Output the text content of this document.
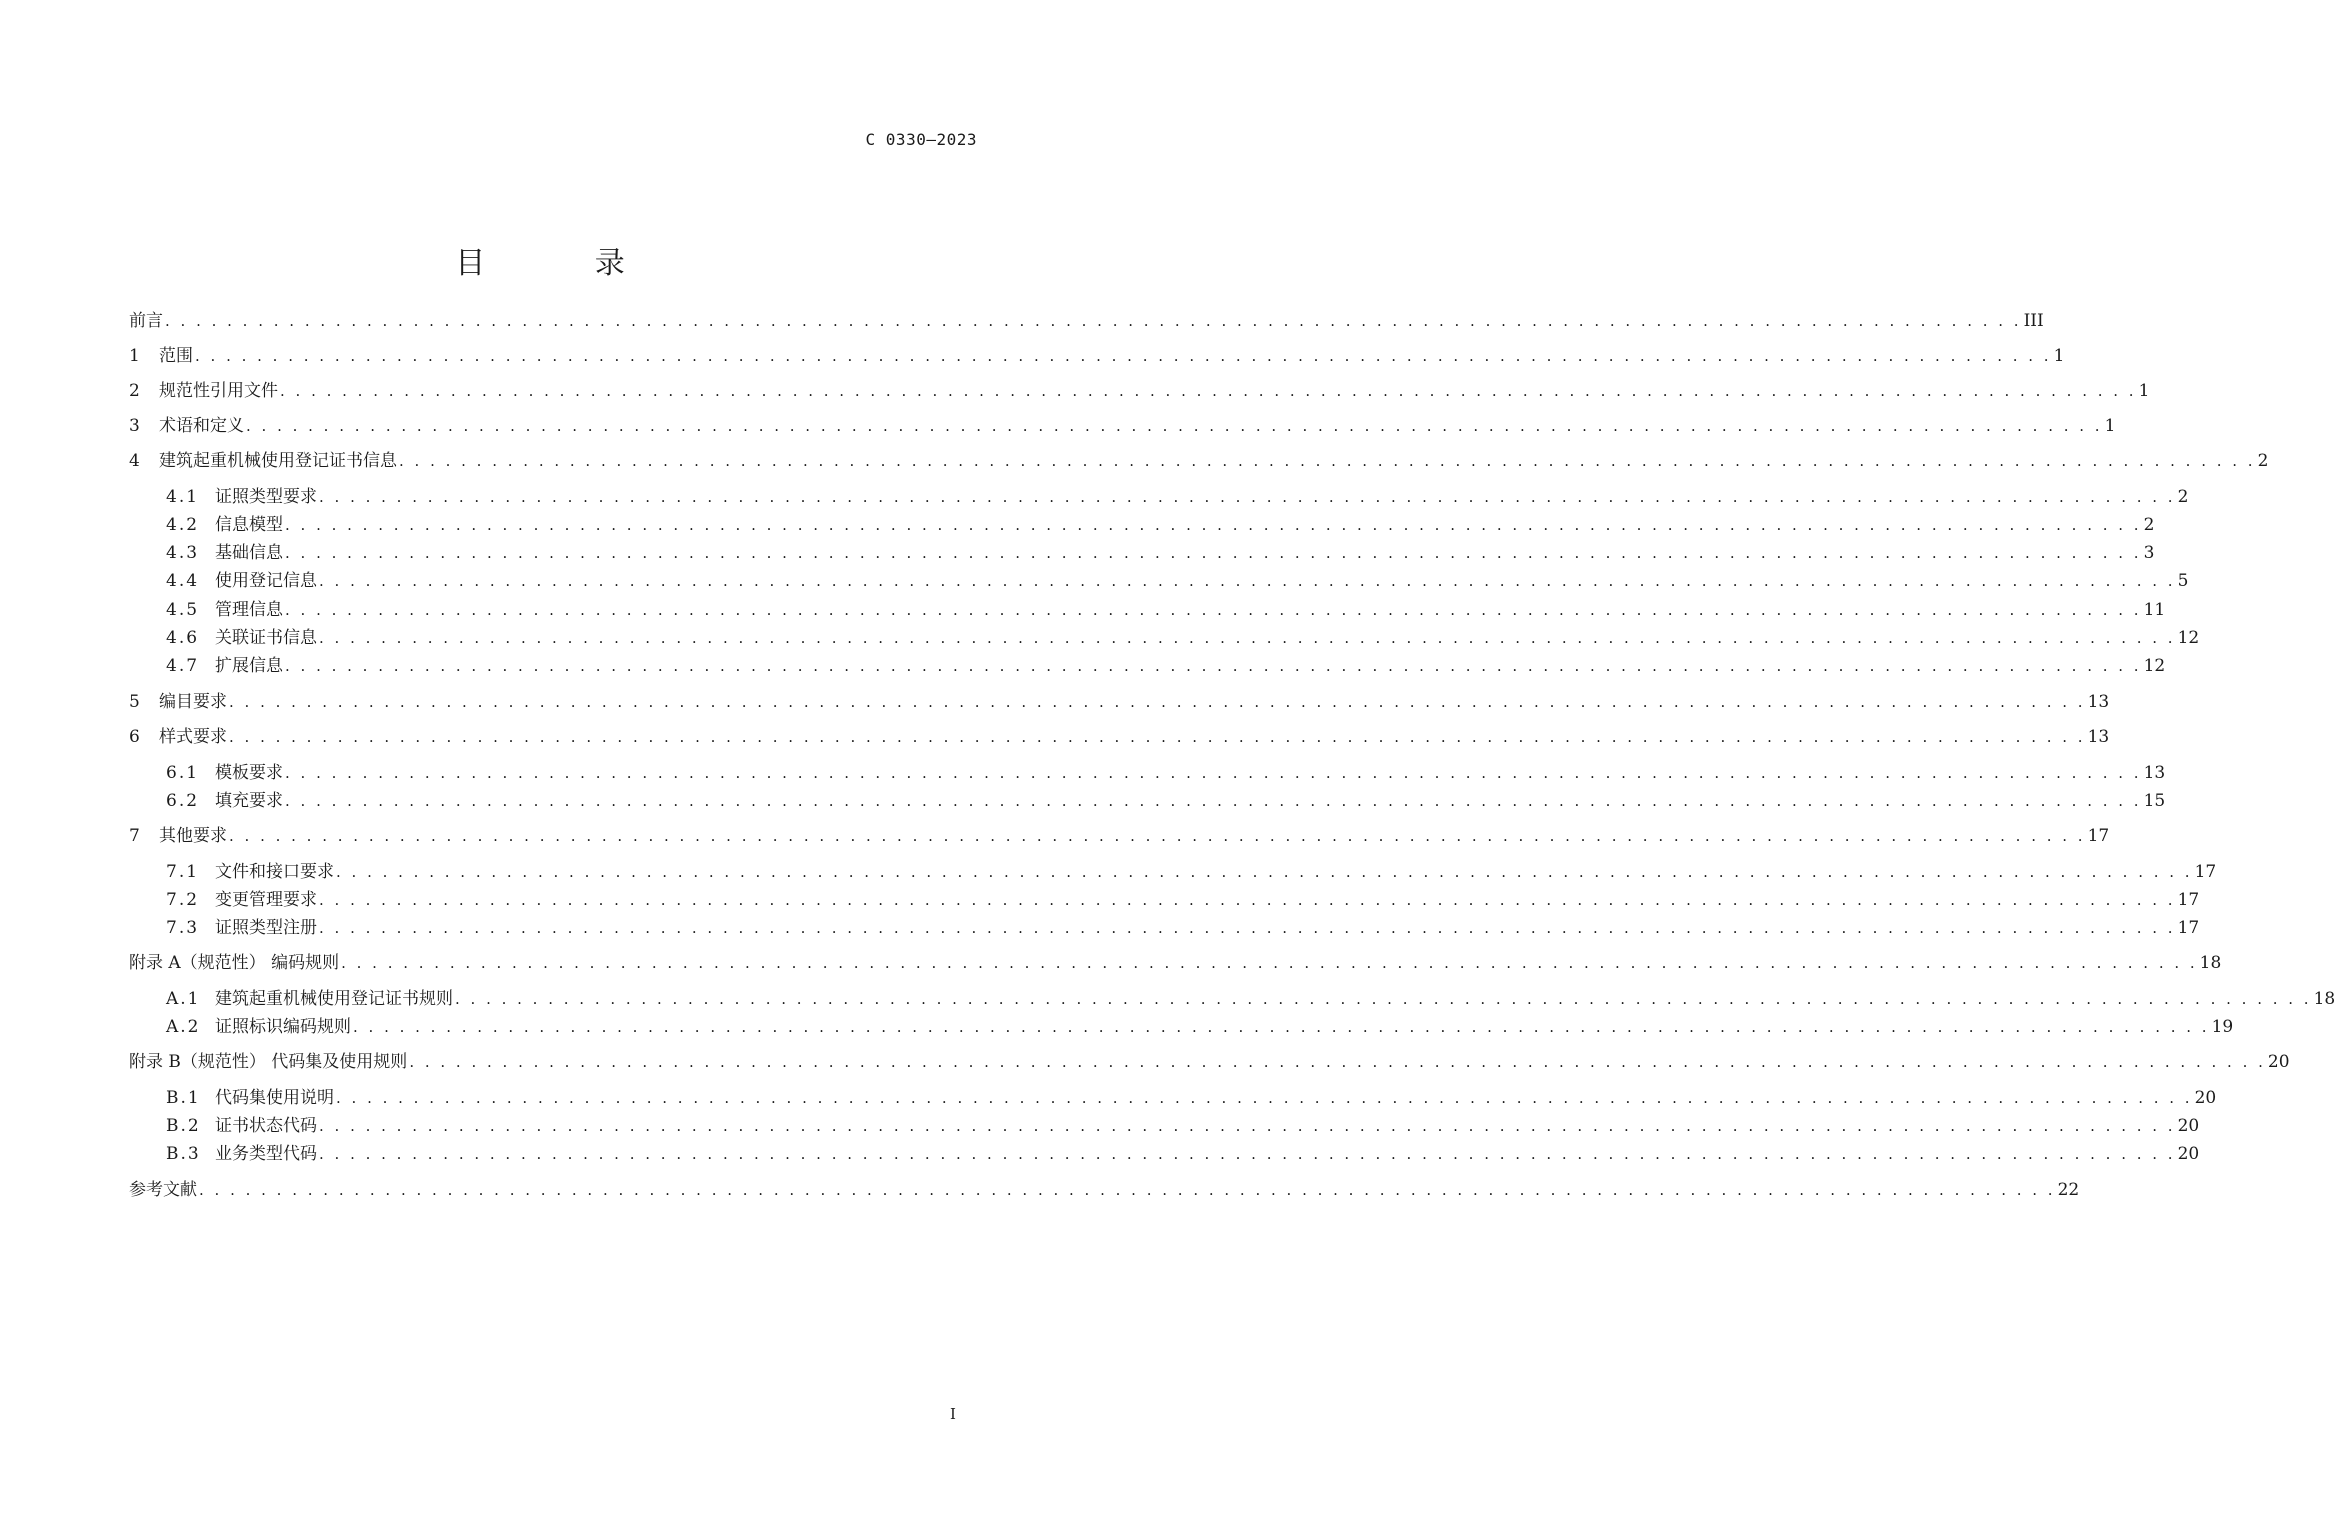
C 0330—2023
目 录
前言 . . . . . . . . . . . . . . . . . . . . . . . . . . . . . . . . . . . . . . . . . . . . . . . . . . . . . . . . . . . . . . . . . . . . . . . . . . . . . . . . . . . . . . . . . . . . . . . . . . . . . . . . . . . . . . . . . . . . . . . . III
1	范围 . . . . . . . . . . . . . . . . . . . . . . . . . . . . . . . . . . . . . . . . . . . . . . . . . . . . . . . . . . . . . . . . . . . . . . . . . . . . . . . . . . . . . . . . . . . . . . . . . . . . . . . . . . . . . . . . . . . . . . . . 1
2	规范性引用文件 . . . . . . . . . . . . . . . . . . . . . . . . . . . . . . . . . . . . . . . . . . . . . . . . . . . . . . . . . . . . . . . . . . . . . . . . . . . . . . . . . . . . . . . . . . . . . . . . . . . . . . . . . . . . . . . . . . . . . . . . 1
3	术语和定义 . . . . . . . . . . . . . . . . . . . . . . . . . . . . . . . . . . . . . . . . . . . . . . . . . . . . . . . . . . . . . . . . . . . . . . . . . . . . . . . . . . . . . . . . . . . . . . . . . . . . . . . . . . . . . . . . . . . . . . . . 1
4	建筑起重机械使用登记证书信息 . . . . . . . . . . . . . . . . . . . . . . . . . . . . . . . . . . . . . . . . . . . . . . . . . . . . . . . . . . . . . . . . . . . . . . . . . . . . . . . . . . . . . . . . . . . . . . . . . . . . . . . . . . . . . . . . . . . . . . . . 2
4.1 证照类型要求 . . . . . . . . . . . . . . . . . . . . . . . . . . . . . . . . . . . . . . . . . . . . . . . . . . . . . . . . . . . . . . . . . . . . . . . . . . . . . . . . . . . . . . . . . . . . . . . . . . . . . . . . . . . . . . . . . . . . . . . . 2
4.2 信息模型 . . . . . . . . . . . . . . . . . . . . . . . . . . . . . . . . . . . . . . . . . . . . . . . . . . . . . . . . . . . . . . . . . . . . . . . . . . . . . . . . . . . . . . . . . . . . . . . . . . . . . . . . . . . . . . . . . . . . . . . . 2
4.3 基础信息 . . . . . . . . . . . . . . . . . . . . . . . . . . . . . . . . . . . . . . . . . . . . . . . . . . . . . . . . . . . . . . . . . . . . . . . . . . . . . . . . . . . . . . . . . . . . . . . . . . . . . . . . . . . . . . . . . . . . . . . . 3
4.4 使用登记信息 . . . . . . . . . . . . . . . . . . . . . . . . . . . . . . . . . . . . . . . . . . . . . . . . . . . . . . . . . . . . . . . . . . . . . . . . . . . . . . . . . . . . . . . . . . . . . . . . . . . . . . . . . . . . . . . . . . . . . . . . 5
4.5 管理信息 . . . . . . . . . . . . . . . . . . . . . . . . . . . . . . . . . . . . . . . . . . . . . . . . . . . . . . . . . . . . . . . . . . . . . . . . . . . . . . . . . . . . . . . . . . . . . . . . . . . . . . . . . . . . . . . . . . . . . . . . 11
4.6 关联证书信息 . . . . . . . . . . . . . . . . . . . . . . . . . . . . . . . . . . . . . . . . . . . . . . . . . . . . . . . . . . . . . . . . . . . . . . . . . . . . . . . . . . . . . . . . . . . . . . . . . . . . . . . . . . . . . . . . . . . . . . . . 12
4.7 扩展信息 . . . . . . . . . . . . . . . . . . . . . . . . . . . . . . . . . . . . . . . . . . . . . . . . . . . . . . . . . . . . . . . . . . . . . . . . . . . . . . . . . . . . . . . . . . . . . . . . . . . . . . . . . . . . . . . . . . . . . . . . 12
5	编目要求 . . . . . . . . . . . . . . . . . . . . . . . . . . . . . . . . . . . . . . . . . . . . . . . . . . . . . . . . . . . . . . . . . . . . . . . . . . . . . . . . . . . . . . . . . . . . . . . . . . . . . . . . . . . . . . . . . . . . . . . . 13
6	样式要求 . . . . . . . . . . . . . . . . . . . . . . . . . . . . . . . . . . . . . . . . . . . . . . . . . . . . . . . . . . . . . . . . . . . . . . . . . . . . . . . . . . . . . . . . . . . . . . . . . . . . . . . . . . . . . . . . . . . . . . . . 13
6.1 模板要求 . . . . . . . . . . . . . . . . . . . . . . . . . . . . . . . . . . . . . . . . . . . . . . . . . . . . . . . . . . . . . . . . . . . . . . . . . . . . . . . . . . . . . . . . . . . . . . . . . . . . . . . . . . . . . . . . . . . . . . . . 13
6.2 填充要求 . . . . . . . . . . . . . . . . . . . . . . . . . . . . . . . . . . . . . . . . . . . . . . . . . . . . . . . . . . . . . . . . . . . . . . . . . . . . . . . . . . . . . . . . . . . . . . . . . . . . . . . . . . . . . . . . . . . . . . . . 15
7	其他要求 . . . . . . . . . . . . . . . . . . . . . . . . . . . . . . . . . . . . . . . . . . . . . . . . . . . . . . . . . . . . . . . . . . . . . . . . . . . . . . . . . . . . . . . . . . . . . . . . . . . . . . . . . . . . . . . . . . . . . . . . 17
7.1 文件和接口要求 . . . . . . . . . . . . . . . . . . . . . . . . . . . . . . . . . . . . . . . . . . . . . . . . . . . . . . . . . . . . . . . . . . . . . . . . . . . . . . . . . . . . . . . . . . . . . . . . . . . . . . . . . . . . . . . . . . . . . . . . 17
7.2 变更管理要求 . . . . . . . . . . . . . . . . . . . . . . . . . . . . . . . . . . . . . . . . . . . . . . . . . . . . . . . . . . . . . . . . . . . . . . . . . . . . . . . . . . . . . . . . . . . . . . . . . . . . . . . . . . . . . . . . . . . . . . . . 17
7.3 证照类型注册 . . . . . . . . . . . . . . . . . . . . . . . . . . . . . . . . . . . . . . . . . . . . . . . . . . . . . . . . . . . . . . . . . . . . . . . . . . . . . . . . . . . . . . . . . . . . . . . . . . . . . . . . . . . . . . . . . . . . . . . . 17
附录 A（规范性） 编码规则 . . . . . . . . . . . . . . . . . . . . . . . . . . . . . . . . . . . . . . . . . . . . . . . . . . . . . . . . . . . . . . . . . . . . . . . . . . . . . . . . . . . . . . . . . . . . . . . . . . . . . . . . . . . . . . . . . . . . . . . . 18
A.1 建筑起重机械使用登记证书规则 . . . . . . . . . . . . . . . . . . . . . . . . . . . . . . . . . . . . . . . . . . . . . . . . . . . . . . . . . . . . . . . . . . . . . . . . . . . . . . . . . . . . . . . . . . . . . . . . . . . . . . . . . . . . . . . . . . . . . . . . 18
A.2 证照标识编码规则 . . . . . . . . . . . . . . . . . . . . . . . . . . . . . . . . . . . . . . . . . . . . . . . . . . . . . . . . . . . . . . . . . . . . . . . . . . . . . . . . . . . . . . . . . . . . . . . . . . . . . . . . . . . . . . . . . . . . . . . . 19
附录 B（规范性） 代码集及使用规则 . . . . . . . . . . . . . . . . . . . . . . . . . . . . . . . . . . . . . . . . . . . . . . . . . . . . . . . . . . . . . . . . . . . . . . . . . . . . . . . . . . . . . . . . . . . . . . . . . . . . . . . . . . . . . . . . . . . . . . . . 20
B.1 代码集使用说明 . . . . . . . . . . . . . . . . . . . . . . . . . . . . . . . . . . . . . . . . . . . . . . . . . . . . . . . . . . . . . . . . . . . . . . . . . . . . . . . . . . . . . . . . . . . . . . . . . . . . . . . . . . . . . . . . . . . . . . . . 20
B.2 证书状态代码 . . . . . . . . . . . . . . . . . . . . . . . . . . . . . . . . . . . . . . . . . . . . . . . . . . . . . . . . . . . . . . . . . . . . . . . . . . . . . . . . . . . . . . . . . . . . . . . . . . . . . . . . . . . . . . . . . . . . . . . . 20
B.3 业务类型代码 . . . . . . . . . . . . . . . . . . . . . . . . . . . . . . . . . . . . . . . . . . . . . . . . . . . . . . . . . . . . . . . . . . . . . . . . . . . . . . . . . . . . . . . . . . . . . . . . . . . . . . . . . . . . . . . . . . . . . . . . 20
参考文献 . . . . . . . . . . . . . . . . . . . . . . . . . . . . . . . . . . . . . . . . . . . . . . . . . . . . . . . . . . . . . . . . . . . . . . . . . . . . . . . . . . . . . . . . . . . . . . . . . . . . . . . . . . . . . . . . . . . . . . . . 22
I
